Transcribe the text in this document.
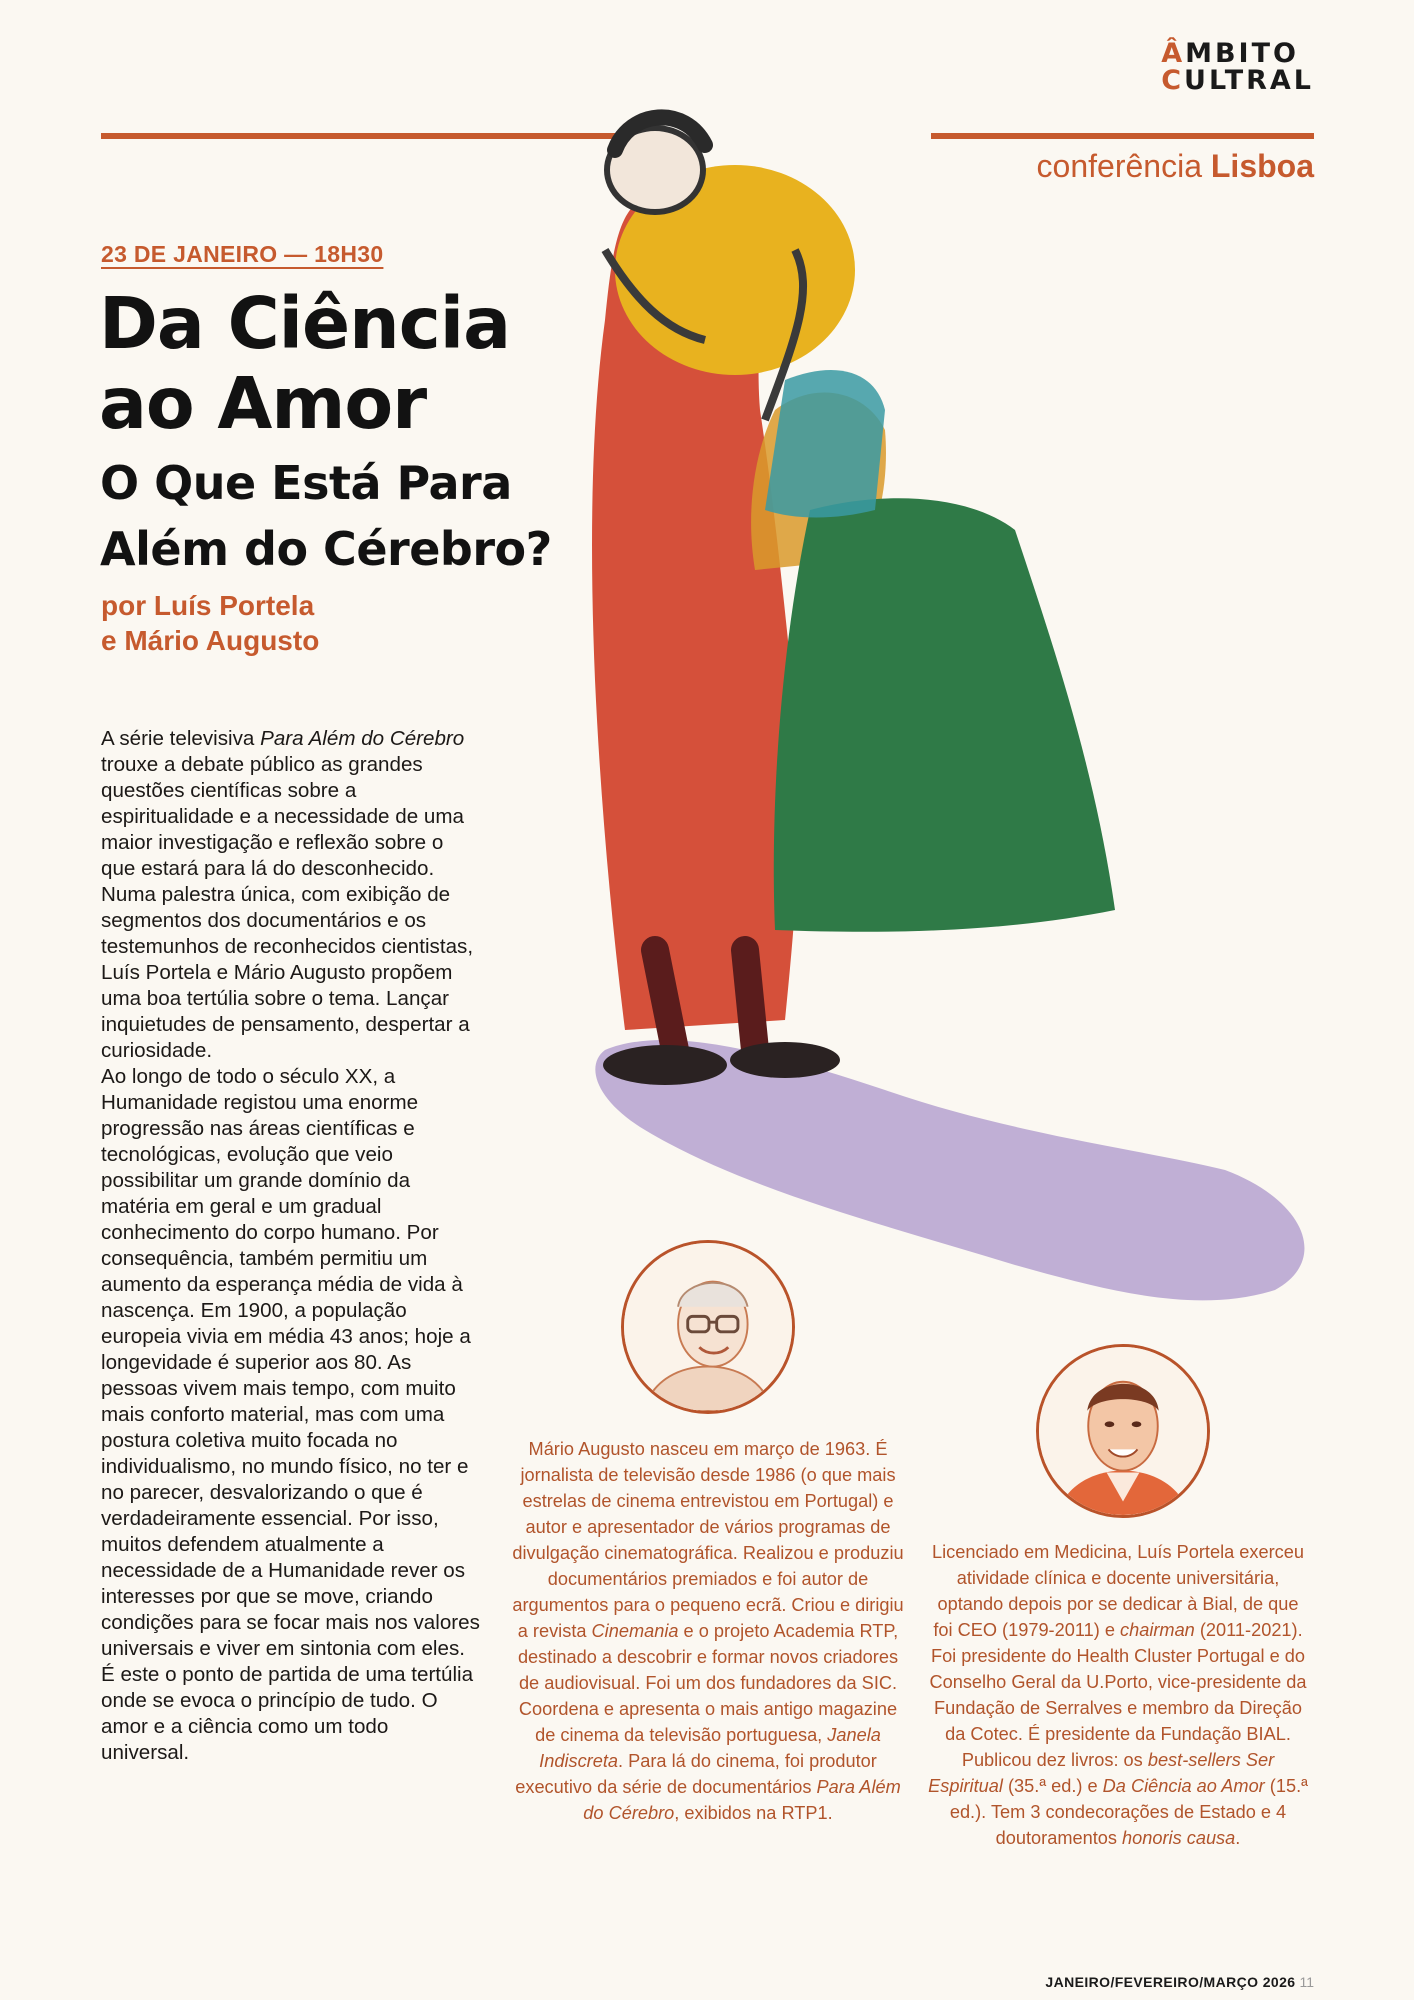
ÂMBITO
CULTRAL
conferência Lisboa
23 DE JANEIRO — 18H30
Da Ciência
ao Amor
O Que Está Para
Além do Cérebro?
por Luís Portela
e Mário Augusto

A série televisiva Para Além do Cérebro trouxe a debate público as grandes questões científicas sobre a espiritualidade e a necessidade de uma maior investigação e reflexão sobre o que estará para lá do desconhecido. Numa palestra única, com exibição de segmentos dos documentários e os testemunhos de reconhecidos cientistas, Luís Portela e Mário Augusto propõem uma boa tertúlia sobre o tema. Lançar inquietudes de pensamento, despertar a curiosidade.

Ao longo de todo o século XX, a Humanidade registou uma enorme progressão nas áreas científicas e tecnológicas, evolução que veio possibilitar um grande domínio da matéria em geral e um gradual conhecimento do corpo humano. Por consequência, também permitiu um aumento da esperança média de vida à nascença. Em 1900, a população europeia vivia em média 43 anos; hoje a longevidade é superior aos 80. As pessoas vivem mais tempo, com muito mais conforto material, mas com uma postura coletiva muito focada no individualismo, no mundo físico, no ter e no parecer, desvalorizando o que é verdadeiramente essencial. Por isso, muitos defendem atualmente a necessidade de a Humanidade rever os interesses por que se move, criando condições para se focar mais nos valores universais e viver em sintonia com eles.

É este o ponto de partida de uma tertúlia onde se evoca o princípio de tudo. O amor e a ciência como um todo universal.

Mário Augusto nasceu em março de 1963. É jornalista de televisão desde 1986 (o que mais estrelas de cinema entrevistou em Portugal) e autor e apresentador de vários programas de divulgação cinematográfica. Realizou e produziu documentários premiados e foi autor de argumentos para o pequeno ecrã. Criou e dirigiu a revista Cinemania e o projeto Academia RTP, destinado a descobrir e formar novos criadores de audiovisual. Foi um dos fundadores da SIC. Coordena e apresenta o mais antigo magazine de cinema da televisão portuguesa, Janela Indiscreta. Para lá do cinema, foi produtor executivo da série de documentários Para Além do Cérebro, exibidos na RTP1.
Licenciado em Medicina, Luís Portela exerceu atividade clínica e docente universitária, optando depois por se dedicar à Bial, de que foi CEO (1979-2011) e chairman (2011-2021). Foi presidente do Health Cluster Portugal e do Conselho Geral da U.Porto, vice-presidente da Fundação de Serralves e membro da Direção da Cotec. É presidente da Fundação BIAL. Publicou dez livros: os best-sellers Ser Espiritual (35.ª ed.) e Da Ciência ao Amor (15.ª ed.). Tem 3 condecorações de Estado e 4 doutoramentos honoris causa.
JANEIRO/FEVEREIRO/MARÇO 2026 11
